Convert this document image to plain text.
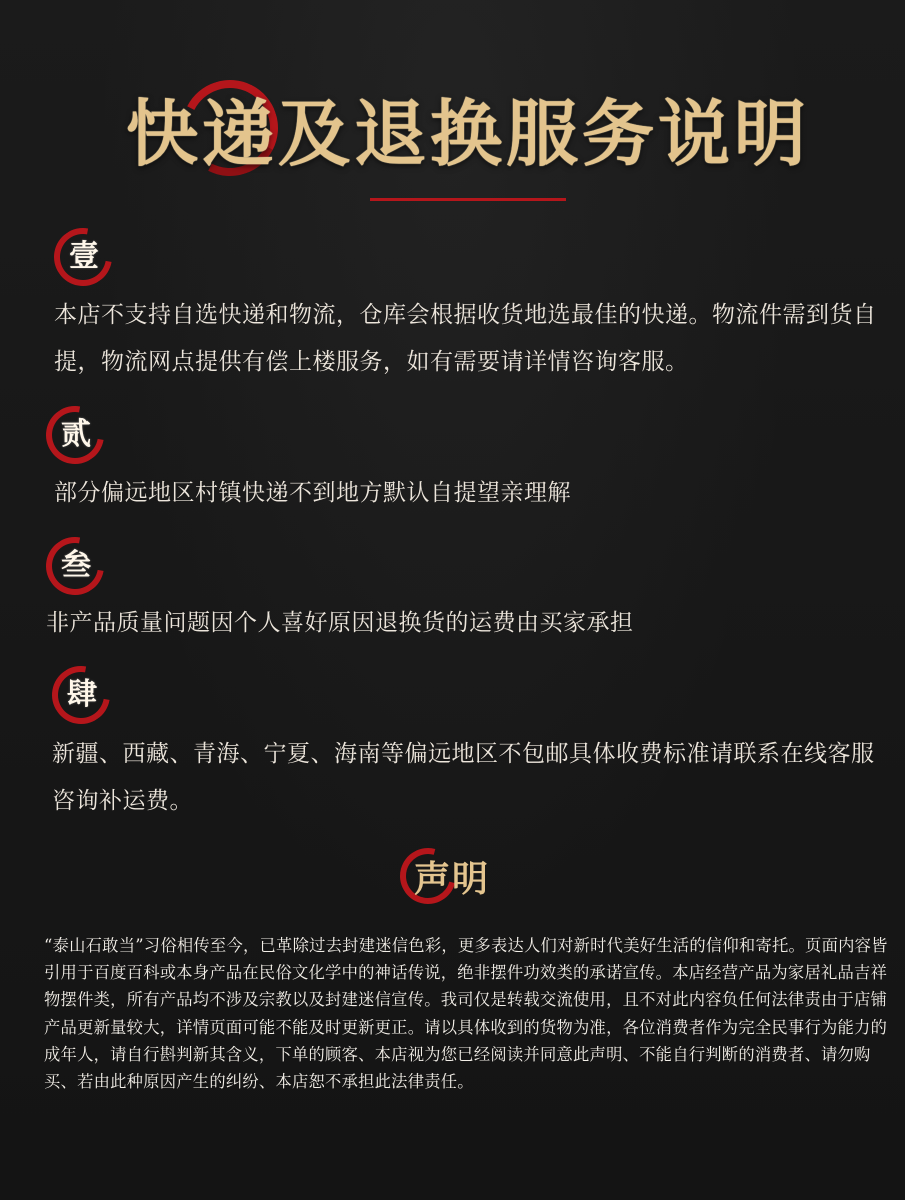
快递及退换服务说明
壹
本店不支持自选快递和物流，仓库会根据收货地选最佳的快递。物流件需到货自提，物流网点提供有偿上楼服务，如有需要请详情咨询客服。
贰
部分偏远地区村镇快递不到地方默认自提望亲理解
叁
非产品质量问题因个人喜好原因退换货的运费由买家承担
肆
新疆、西藏、青海、宁夏、海南等偏远地区不包邮具体收费标准请联系在线客服咨询补运费。
声明
“泰山石敢当”习俗相传至今，已革除过去封建迷信色彩，更多表达人们对新时代美好生活的信仰和寄托。页面内容皆引用于百度百科或本身产品在民俗文化学中的神话传说，绝非摆件功效类的承诺宣传。本店经营产品为家居礼品吉祥物摆件类，所有产品均不涉及宗教以及封建迷信宣传。我司仅是转载交流使用，且不对此内容负任何法律责由于店铺产品更新量较大，详情页面可能不能及时更新更正。请以具体收到的货物为准，各位消费者作为完全民事行为能力的成年人，请自行斟判新其含义，下单的顾客、本店视为您已经阅读并同意此声明、不能自行判断的消费者、请勿购买、若由此种原因产生的纠纷、本店恕不承担此法律责任。
